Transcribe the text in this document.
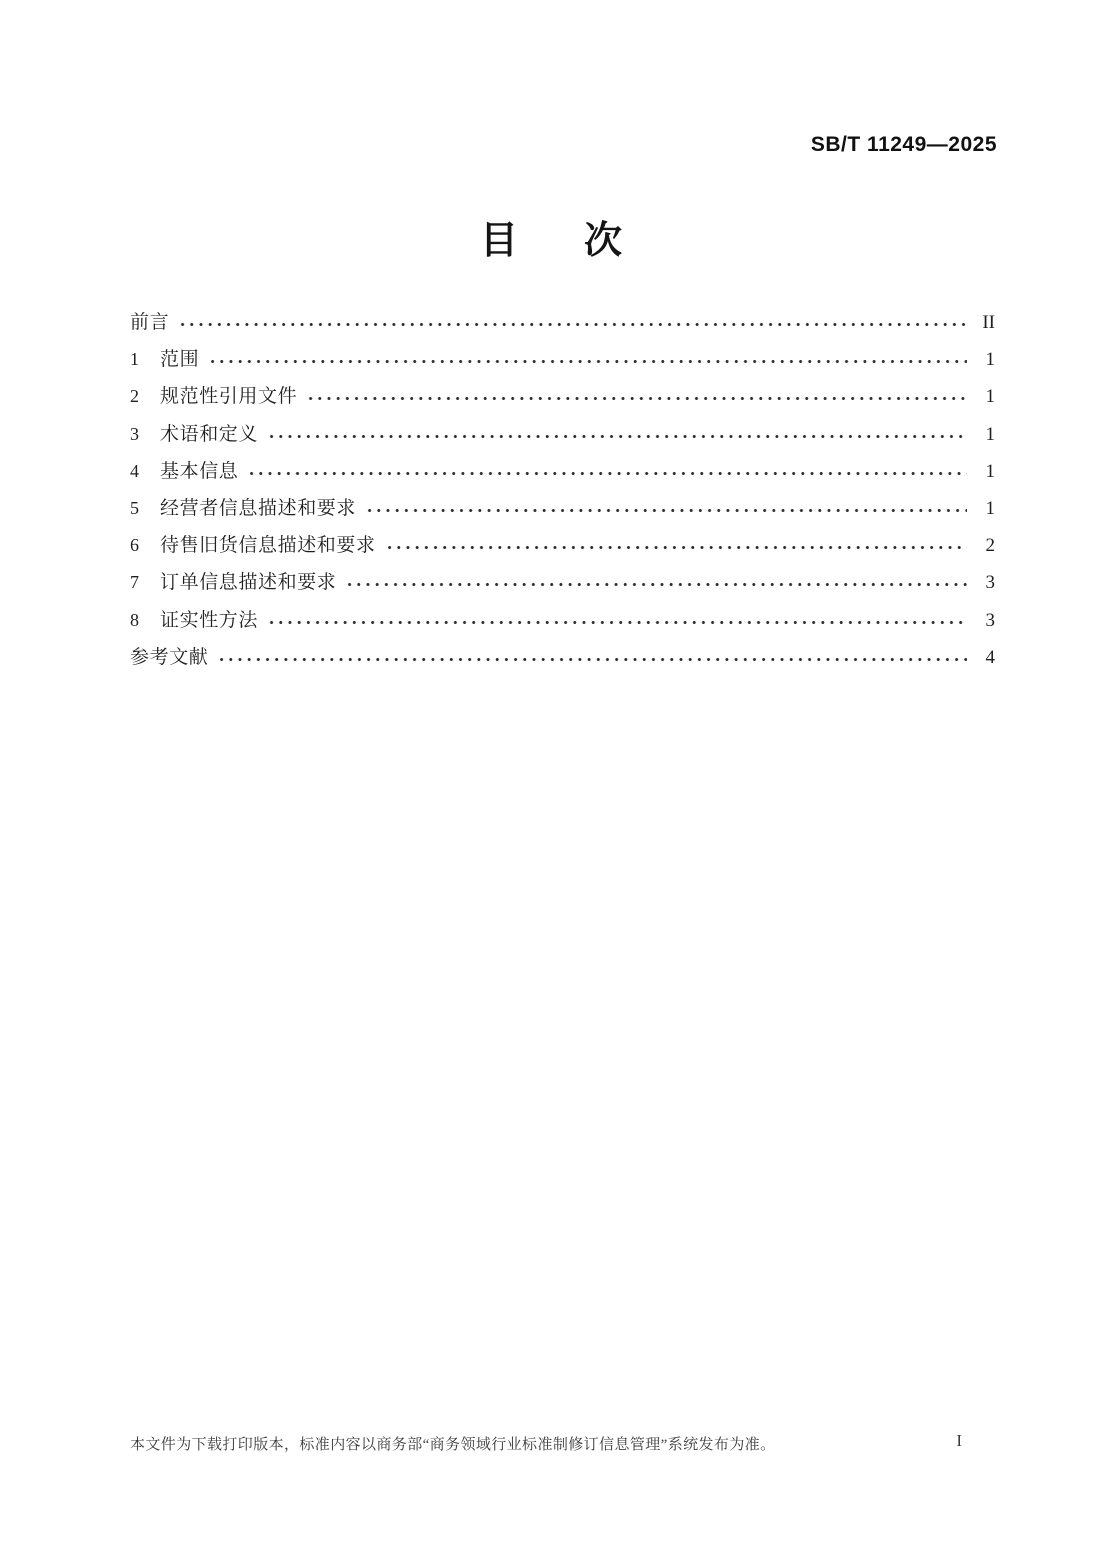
SB/T 11249—2025
目 次
前言	II
1	范围	1
2	规范性引用文件	1
3	术语和定义	1
4	基本信息	1
5	经营者信息描述和要求	1
6	待售旧货信息描述和要求	2
7	订单信息描述和要求	3
8	证实性方法	3
参考文献	4
本文件为下载打印版本，标准内容以商务部“商务领域行业标准制修订信息管理”系统发布为准。	I
